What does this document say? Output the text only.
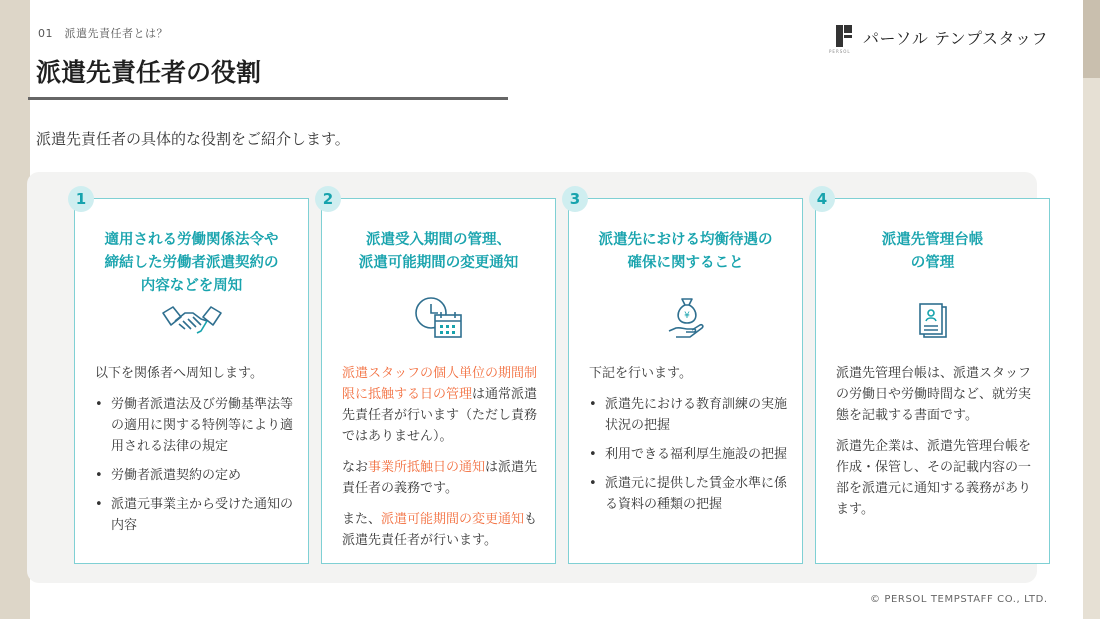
01　派遣先責任者とは？
派遣先責任者の役割
パーソル テンプスタッフ
PERSOL
派遣先責任者の具体的な役割をご紹介します。
適用される労働関係法令や
締結した労働者派遣契約の
内容などを周知

以下を関係者へ周知します。

• 労働者派遣法及び労働基準法等の適用に関する特例等により適用される法律の規定
• 労働者派遣契約の定め
• 派遣元事業主から受けた通知の内容
1
派遣受入期間の管理、
派遣可能期間の変更通知

派遣スタッフの個人単位の期間制限に抵触する日の管理は通常派遣先責任者が行います（ただし責務ではありません）。

なお事業所抵触日の通知は派遣先責任者の義務です。

また、派遣可能期間の変更通知も派遣先責任者が行います。

2
派遣先における均衡待遇の
確保に関すること
¥

下記を行います。

• 派遣先における教育訓練の実施状況の把握
• 利用できる福利厚生施設の把握
• 派遣元に提供した賃金水準に係る資料の種類の把握
3
派遣先管理台帳
の管理

派遣先管理台帳は、派遣スタッフの労働日や労働時間など、就労実態を記載する書面です。

派遣先企業は、派遣先管理台帳を作成・保管し、その記載内容の一部を派遣元に通知する義務があります。

4
© PERSOL TEMPSTAFF CO., LTD.
